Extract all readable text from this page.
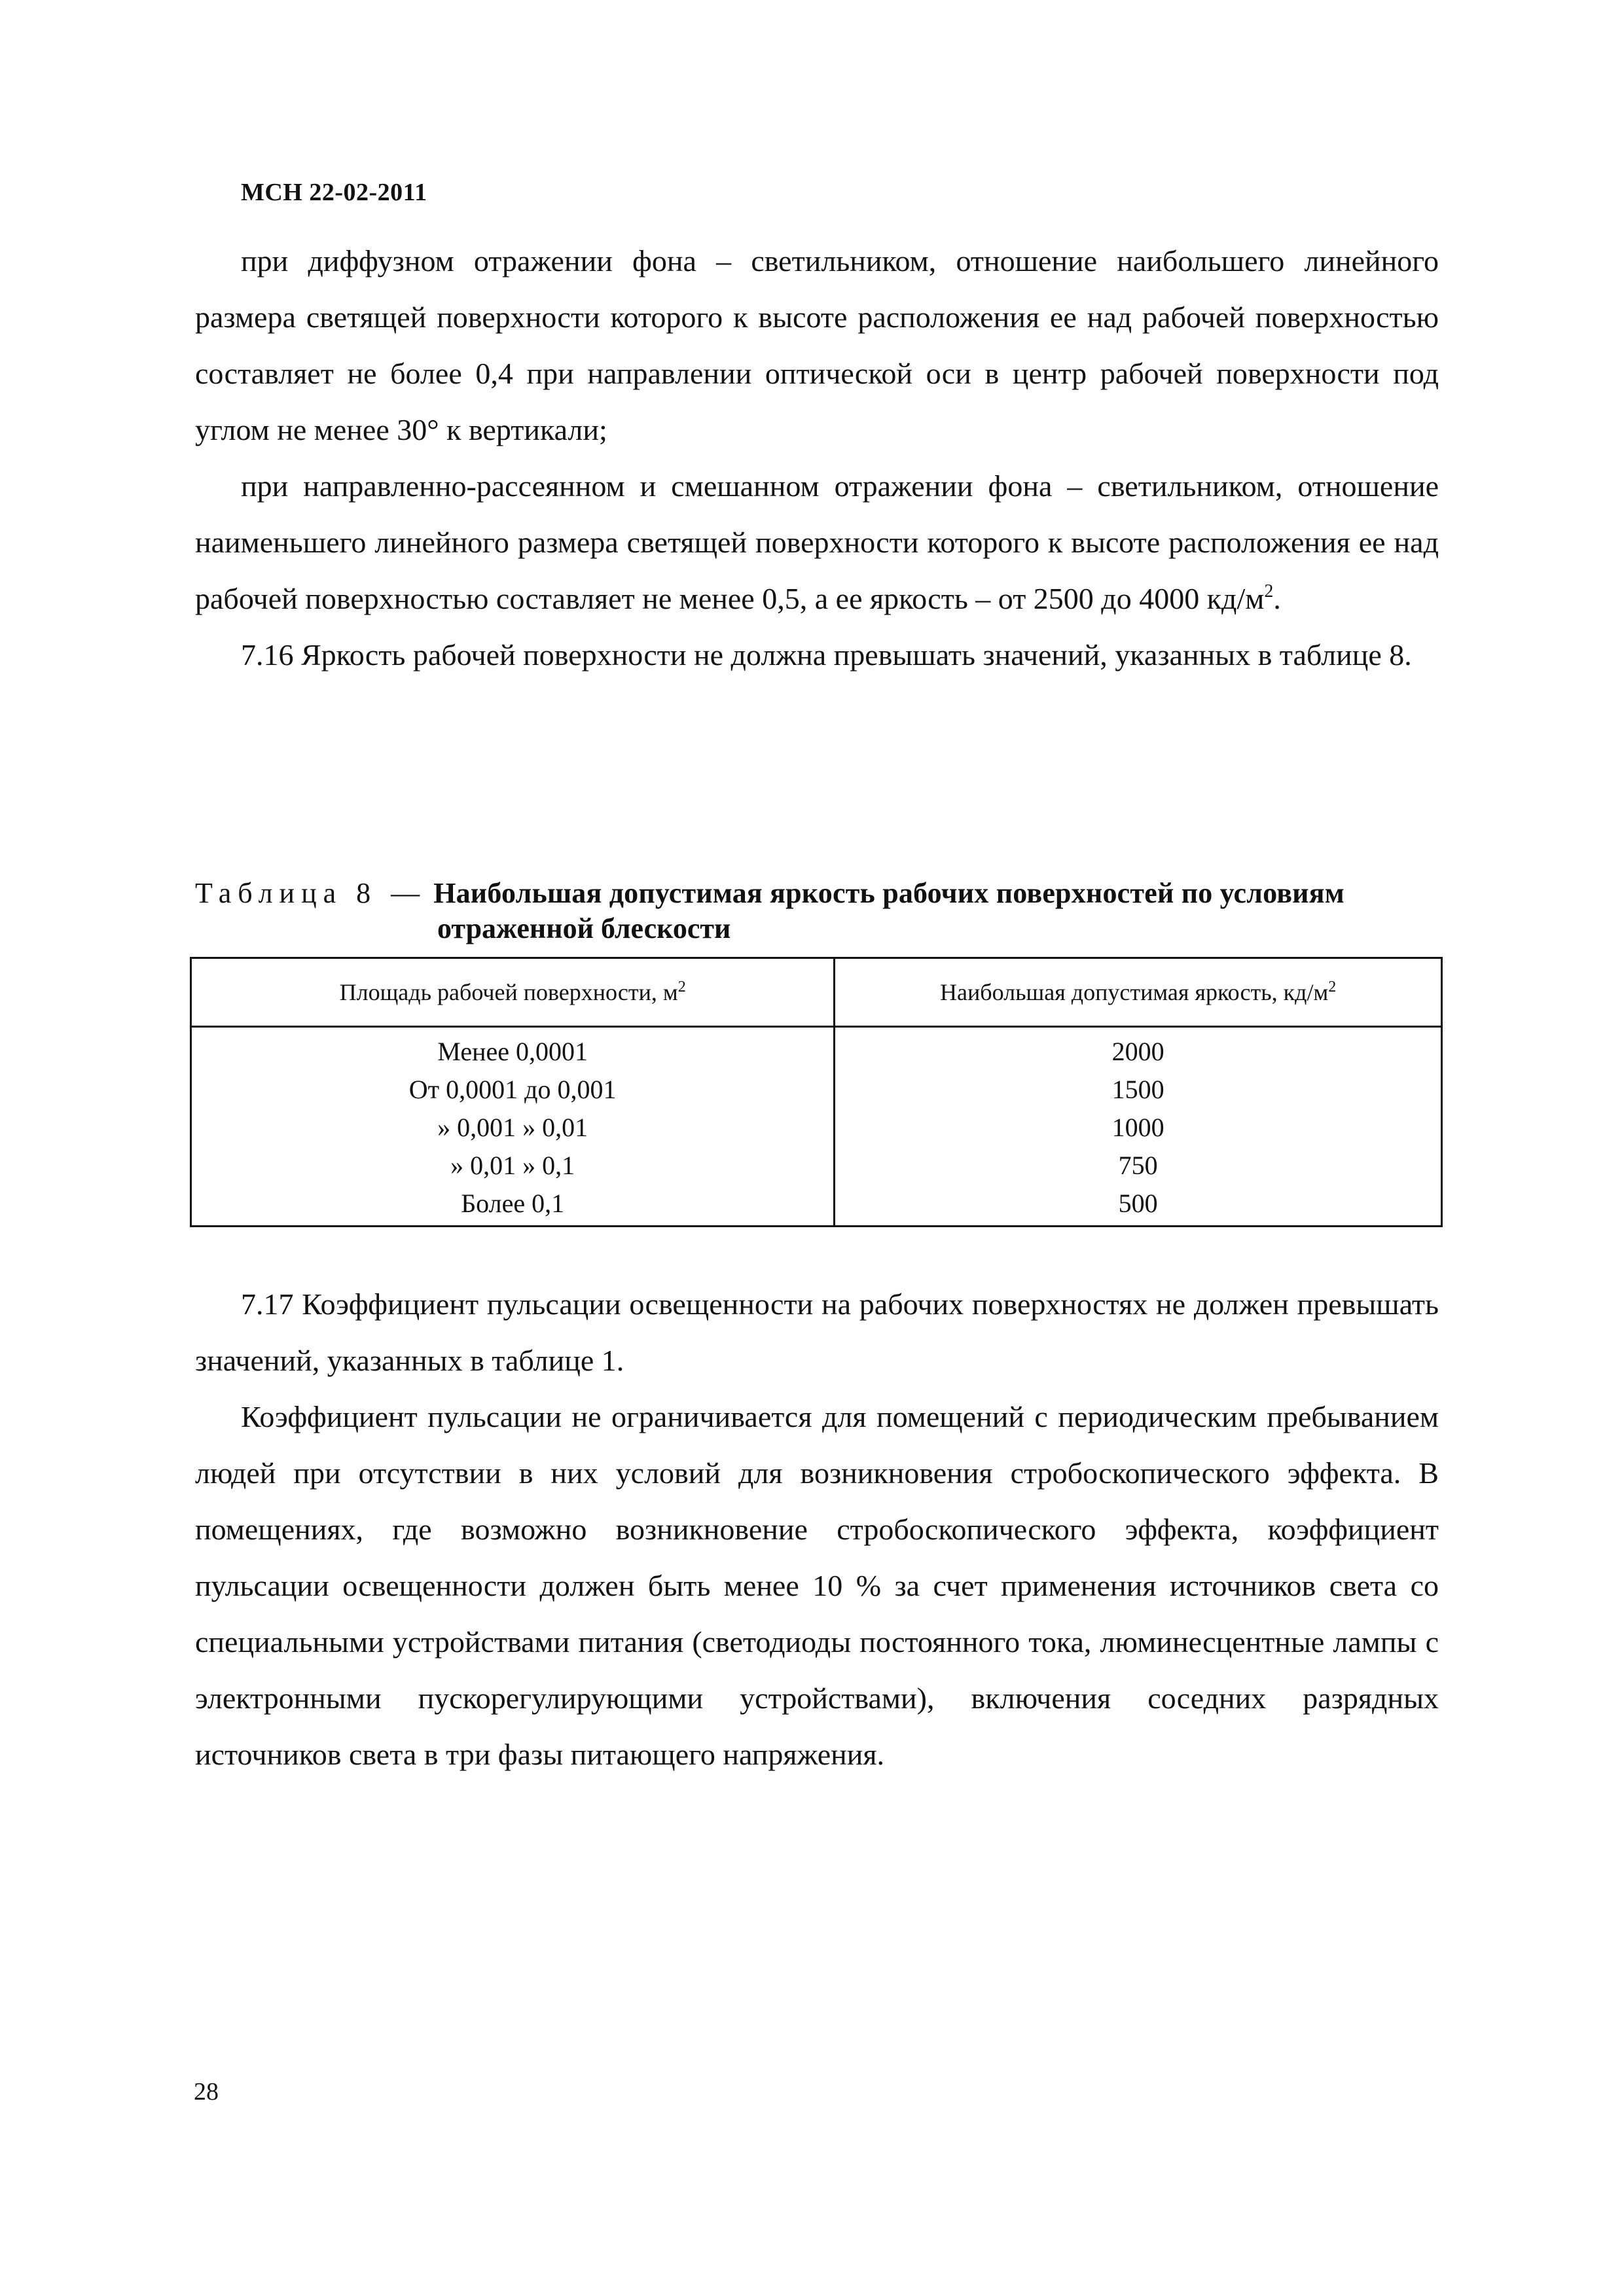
МСН 22-02-2011

при диффузном отражении фона – светильником, отношение наибольшего линейного размера светящей поверхности которого к высоте расположения ее над рабочей поверхностью составляет не более 0,4 при направлении оптической оси в центр рабочей поверхности под углом не менее 30° к вертикали;

при направленно-рассеянном и смешанном отражении фона – светильником, отношение наименьшего линейного размера светящей поверхности которого к высоте расположения ее над рабочей поверхностью составляет не менее 0,5, а ее яркость – от 2500 до 4000 $кд/м^2$.

7.16 Яркость рабочей поверхности не должна превышать значений, указанных в таблице 8.

Таблица 8 — Наибольшая допустимая яркость рабочих поверхностей по условиям
отраженной блескости
Площадь рабочей поверхности, $м^2$	Наибольшая допустимая яркость, $кд/м^2$
Менее 0,0001	2000
От 0,0001 до 0,001	1500
» 0,001 » 0,01	1000
» 0,01 » 0,1	750
Более 0,1	500

7.17 Коэффициент пульсации освещенности на рабочих поверхностях не должен превышать значений, указанных в таблице 1.

Коэффициент пульсации не ограничивается для помещений с периодическим пребыванием людей при отсутствии в них условий для возникновения стробоскопического эффекта. В помещениях, где возможно возникновение стробоскопического эффекта, коэффициент пульсации освещенности должен быть менее 10 % за счет применения источников света со специальными устройствами питания (светодиоды постоянного тока, люминесцентные лампы с электронными пускорегулирующими устройствами), включения соседних разрядных источников света в три фазы питающего напряжения.

28
